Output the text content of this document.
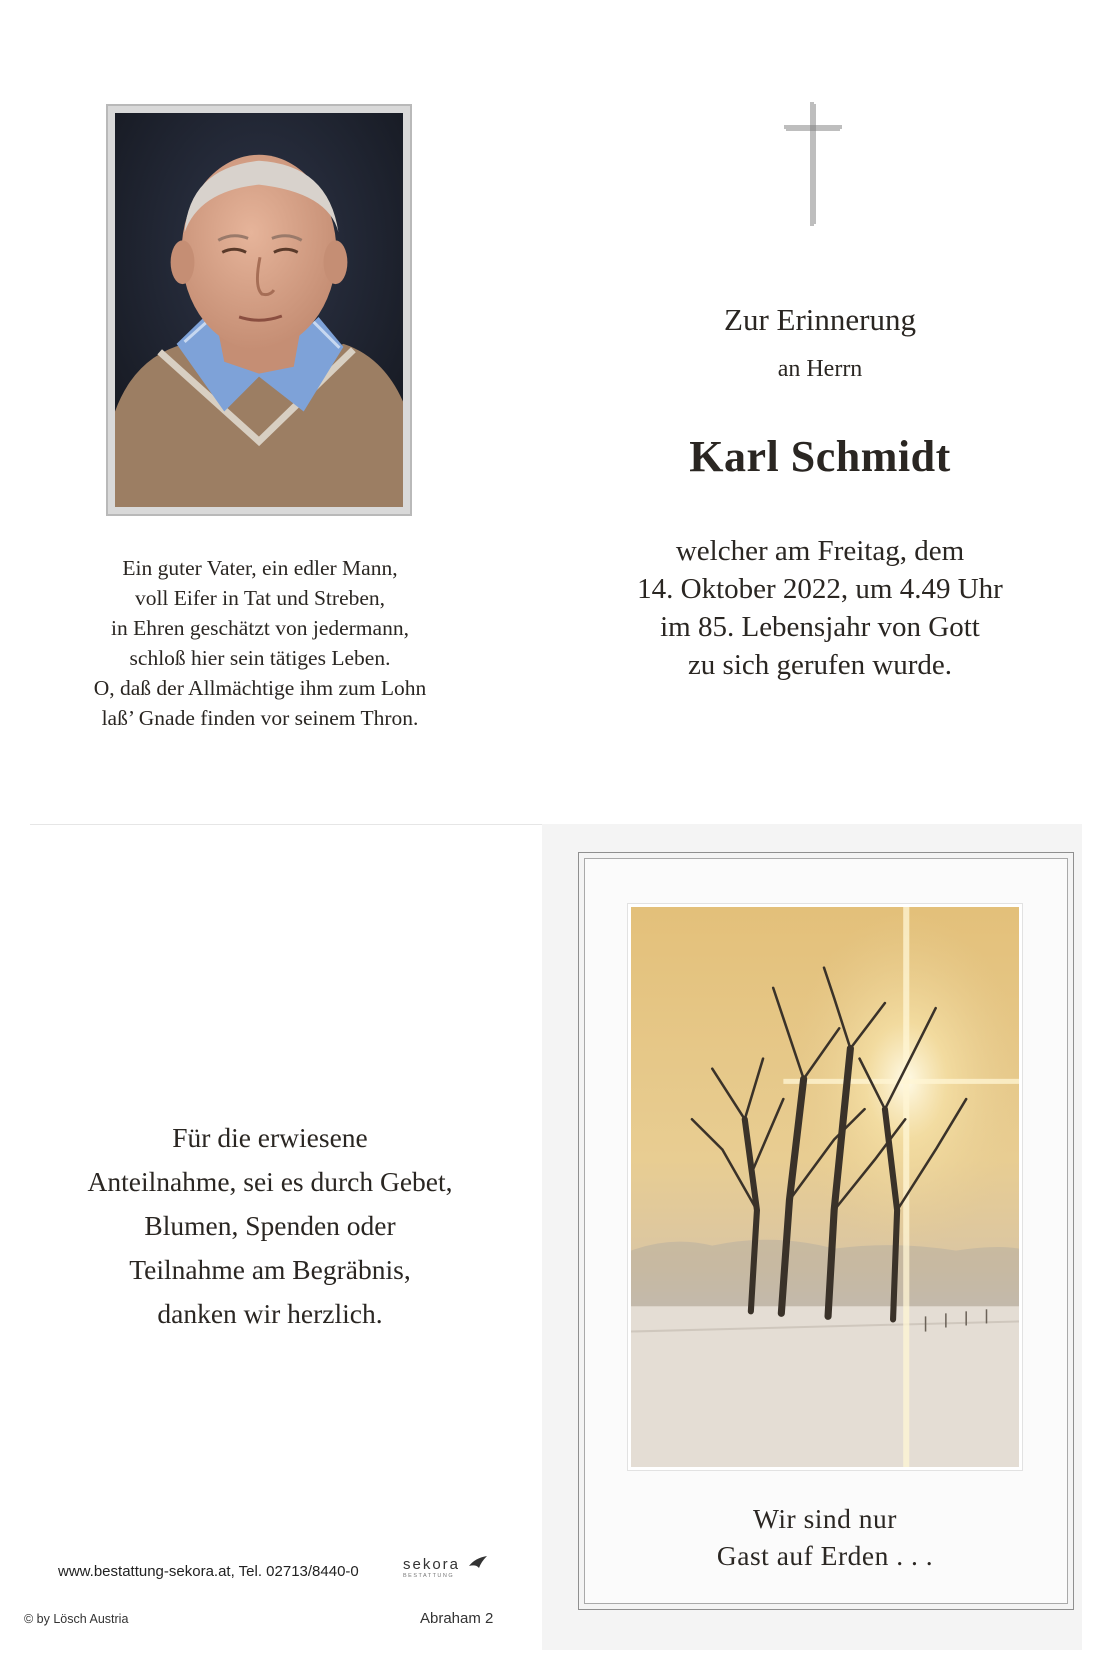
Zur Erinnerung
an Herrn
Karl Schmidt
welcher am Freitag, dem
14. Oktober 2022, um 4.49 Uhr
im 85. Lebensjahr von Gott
zu sich gerufen wurde.
Ein guter Vater, ein edler Mann,
voll Eifer in Tat und Streben,
in Ehren geschätzt von jedermann,
schloß hier sein tätiges Leben.
O, daß der Allmächtige ihm zum Lohn
laß’ Gnade finden vor seinem Thron.
Für die erwiesene
Anteilnahme, sei es durch Gebet,
Blumen, Spenden oder
Teilnahme am Begräbnis,
danken wir herzlich.
www.bestattung-sekora.at, Tel. 02713/8440-0	sekora
BESTATTUNG
© by Lösch Austria	Abraham 2
Wir sind nur
Gast auf Erden . . .
